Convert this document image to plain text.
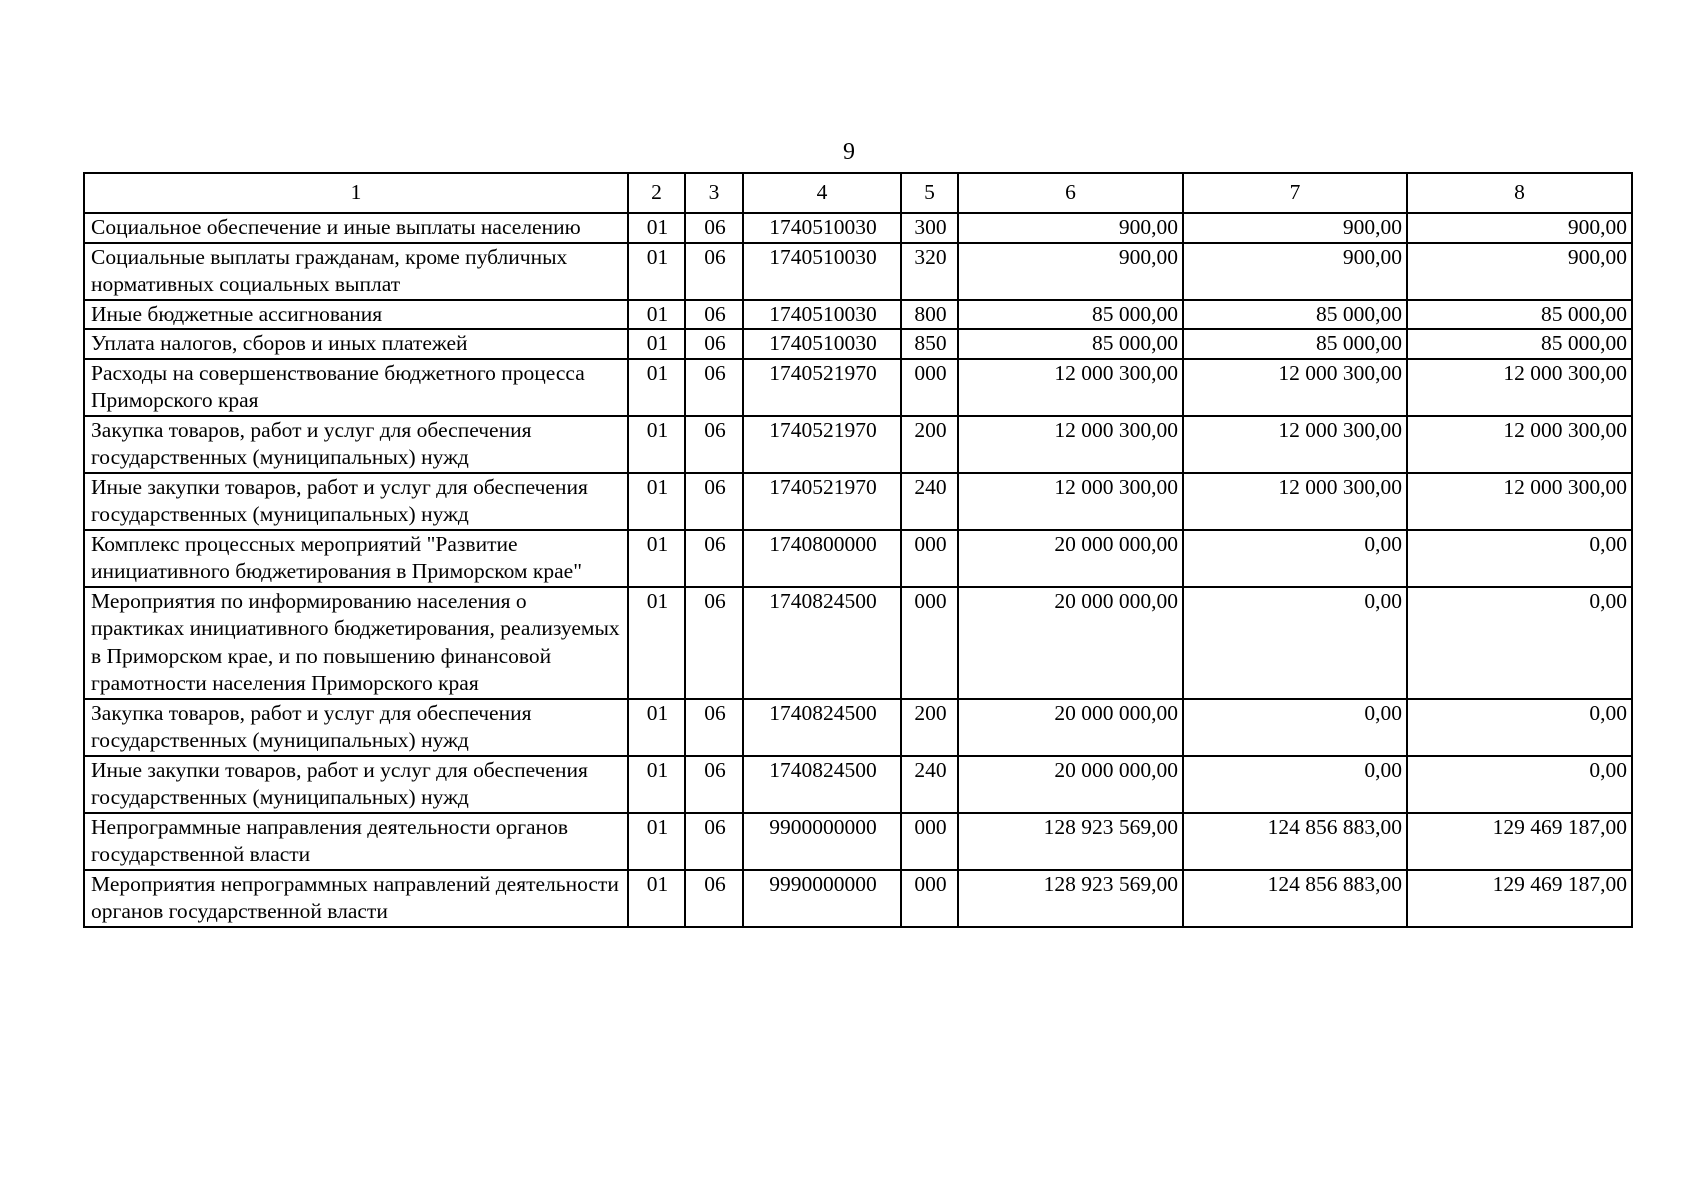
9
1	2	3	4	5	6	7	8
Социальное обеспечение и иные выплаты населению	01	06	1740510030	300	900,00	900,00	900,00
Социальные выплаты гражданам, кроме публичных нормативных социальных выплат	01	06	1740510030	320	900,00	900,00	900,00
Иные бюджетные ассигнования	01	06	1740510030	800	85 000,00	85 000,00	85 000,00
Уплата налогов, сборов и иных платежей	01	06	1740510030	850	85 000,00	85 000,00	85 000,00
Расходы на совершенствование бюджетного процесса Приморского края	01	06	1740521970	000	12 000 300,00	12 000 300,00	12 000 300,00
Закупка товаров, работ и услуг для обеспечения государственных (муниципальных) нужд	01	06	1740521970	200	12 000 300,00	12 000 300,00	12 000 300,00
Иные закупки товаров, работ и услуг для обеспечения государственных (муниципальных) нужд	01	06	1740521970	240	12 000 300,00	12 000 300,00	12 000 300,00
Комплекс процессных мероприятий "Развитие инициативного бюджетирования в Приморском крае"	01	06	1740800000	000	20 000 000,00	0,00	0,00
Мероприятия по информированию населения о практиках инициативного бюджетирования, реализуемых в Приморском крае, и по повышению финансовой грамотности населения Приморского края	01	06	1740824500	000	20 000 000,00	0,00	0,00
Закупка товаров, работ и услуг для обеспечения государственных (муниципальных) нужд	01	06	1740824500	200	20 000 000,00	0,00	0,00
Иные закупки товаров, работ и услуг для обеспечения государственных (муниципальных) нужд	01	06	1740824500	240	20 000 000,00	0,00	0,00
Непрограммные направления деятельности органов государственной власти	01	06	9900000000	000	128 923 569,00	124 856 883,00	129 469 187,00
Мероприятия непрограммных направлений деятельности органов государственной власти	01	06	9990000000	000	128 923 569,00	124 856 883,00	129 469 187,00
